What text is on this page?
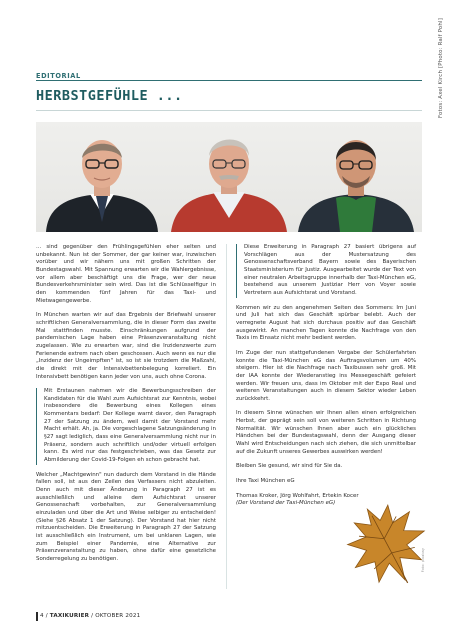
Fotos: Axel Kirch [Photo: Ralf Pohl]
EDITORIAL
HERBSTGEFÜHLE ...

... sind gegenüber den Frühlingsgefühlen eher selten und unbekannt. Nun ist der Sommer, der gar keiner war, inzwischen vorüber und wir nähern uns mit großen Schritten der Bundestagswahl. Mit Spannung erwarten wir die Wahlergebnisse, vor allem aber beschäftigt uns die Frage, wer der neue Bundesverkehrsminister sein wird. Das ist die Schlüsselfigur in den kommenden fünf Jahren für das Taxi- und Mietwagengewerbe.

In München warten wir auf das Ergebnis der Briefwahl unserer schriftlichen Generalversammlung, die in dieser Form das zweite Mal stattfinden musste. Einschränkungen aufgrund der pandemischen Lage haben eine Präsenzveranstaltung nicht zugelassen. Wie zu erwarten war, sind die Inzidenzwerte zum Ferienende extrem nach oben geschossen. Auch wenn es nur die „Inzidenz der Ungeimpften" ist, so ist sie trotzdem die Maßzahl, die direkt mit der Intensivbettenbelegung korreliert. Ein Intensivbett benötigen kann jeder von uns, auch ohne Corona.

Mit Erstaunen nahmen wir die Bewerbungsschreiben der Kandidaten für die Wahl zum Aufsichtsrat zur Kenntnis, wobei insbesondere die Bewerbung eines Kollegen eines Kommentars bedarf: Der Kollege warnt davor, den Paragraph 27 der Satzung zu ändern, weil damit der Vorstand mehr Macht erhält. Ah, ja. Die vorgeschlagene Satzungsänderung in §27 sagt lediglich, dass eine Generalversammlung nicht nur in Präsenz, sondern auch schriftlich und/oder virtuell erfolgen kann. Es wird nur das festgeschrieben, was das Gesetz zur Abmilderung der Covid-19-Folgen eh schon gebracht hat.

Welcher „Machtgewinn" nun dadurch dem Vorstand in die Hände fallen soll, ist aus den Zeilen des Verfassers nicht abzuleiten. Denn auch mit dieser Änderung in Paragraph 27 ist es ausschließlich und alleine dem Aufsichtsrat unserer Genossenschaft vorbehalten, zur Generalversammlung einzuladen und über die Art und Weise selbiger zu entscheiden! (Siehe §26 Absatz 1 der Satzung). Der Vorstand hat hier nicht mitzuentscheiden. Die Erweiterung in Paragraph 27 der Satzung ist ausschließlich ein Instrument, um bei unklaren Lagen, wie zum Beispiel einer Pandemie, eine Alternative zur Präsenzveranstaltung zu haben, ohne dafür eine gesetzliche Sonderregelung zu benötigen.

Diese Erweiterung in Paragraph 27 basiert übrigens auf Vorschlägen aus der Mustersatzung des Genossenschaftsverband Bayern sowie des Bayerischen Staatsministerium für Justiz. Ausgearbeitet wurde der Text von einer neutralen Arbeitsgruppe innerhalb der Taxi-München eG, bestehend aus unserem Justiziar Herr von Voyer sowie Vertretern aus Aufsichtsrat und Vorstand.

Kommen wir zu den angenehmen Seiten des Sommers: Im Juni und Juli hat sich das Geschäft spürbar belebt. Auch der verregnete August hat sich durchaus positiv auf das Geschäft ausgewirkt. An manchen Tagen konnte die Nachfrage von den Taxis im Einsatz nicht mehr bedient werden.

Im Zuge der nun stattgefundenen Vergabe der Schülerfahrten konnte die Taxi-München eG das Auftragsvolumen um 40% steigern. Hier ist die Nachfrage nach Taxibussen sehr groß. Mit der IAA konnte der Wiederanstieg ins Messegeschäft gefeiert werden. Wir freuen uns, dass im Oktober mit der Expo Real und weiteren Veranstaltungen auch in diesem Sektor wieder Leben zurückkehrt.

In diesem Sinne wünschen wir Ihnen allen einen erfolgreichen Herbst, der geprägt sein soll von weiteren Schritten in Richtung Normalität. Wir wünschen Ihnen aber auch ein glückliches Händchen bei der Bundestagswahl, denn der Ausgang dieser Wahl wird Entscheidungen nach sich ziehen, die sich unmittelbar auf die Zukunft unseres Gewerbes auswirken werden!

Bleiben Sie gesund, wir sind für Sie da.

Ihre Taxi München eG

Thomas Kroker, Jörg Wohlfahrt, Ertekin Kocer

(Der Vorstand der Taxi-München eG)

Foto: pixabay
4 / TAXIKURIER / OKTOBER 2021
